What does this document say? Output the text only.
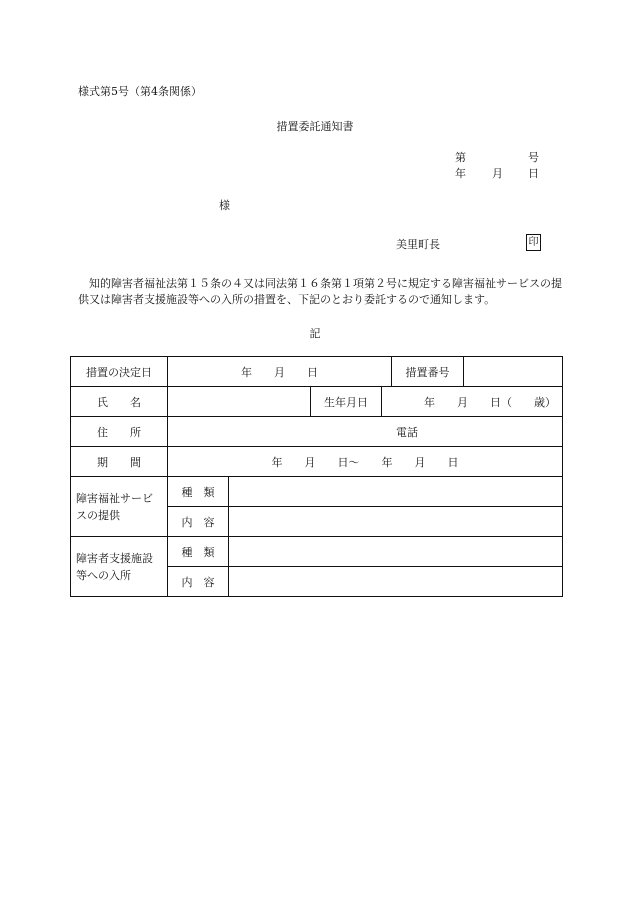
様式第5号（第4条関係）
措置委託通知書
第	号
年 月 日
様
美里町長	印
知的障害者福祉法第１５条の４又は同法第１６条第１項第２号に規定する障害福祉サービスの提供又は障害者支援施設等への入所の措置を、下記のとおり委託するので通知します。
記
措置の決定日	年　　月　　日				措置番号	
氏　　名			生年月日	年　　月　　日（　　歳）		
住　　所	電話					
期　　間	年　　月　　日～　　年　　月　　日					
障害福祉サービスの提供	種　類					
	内　容					
障害者支援施設等への入所	種　類					
	内　容					
